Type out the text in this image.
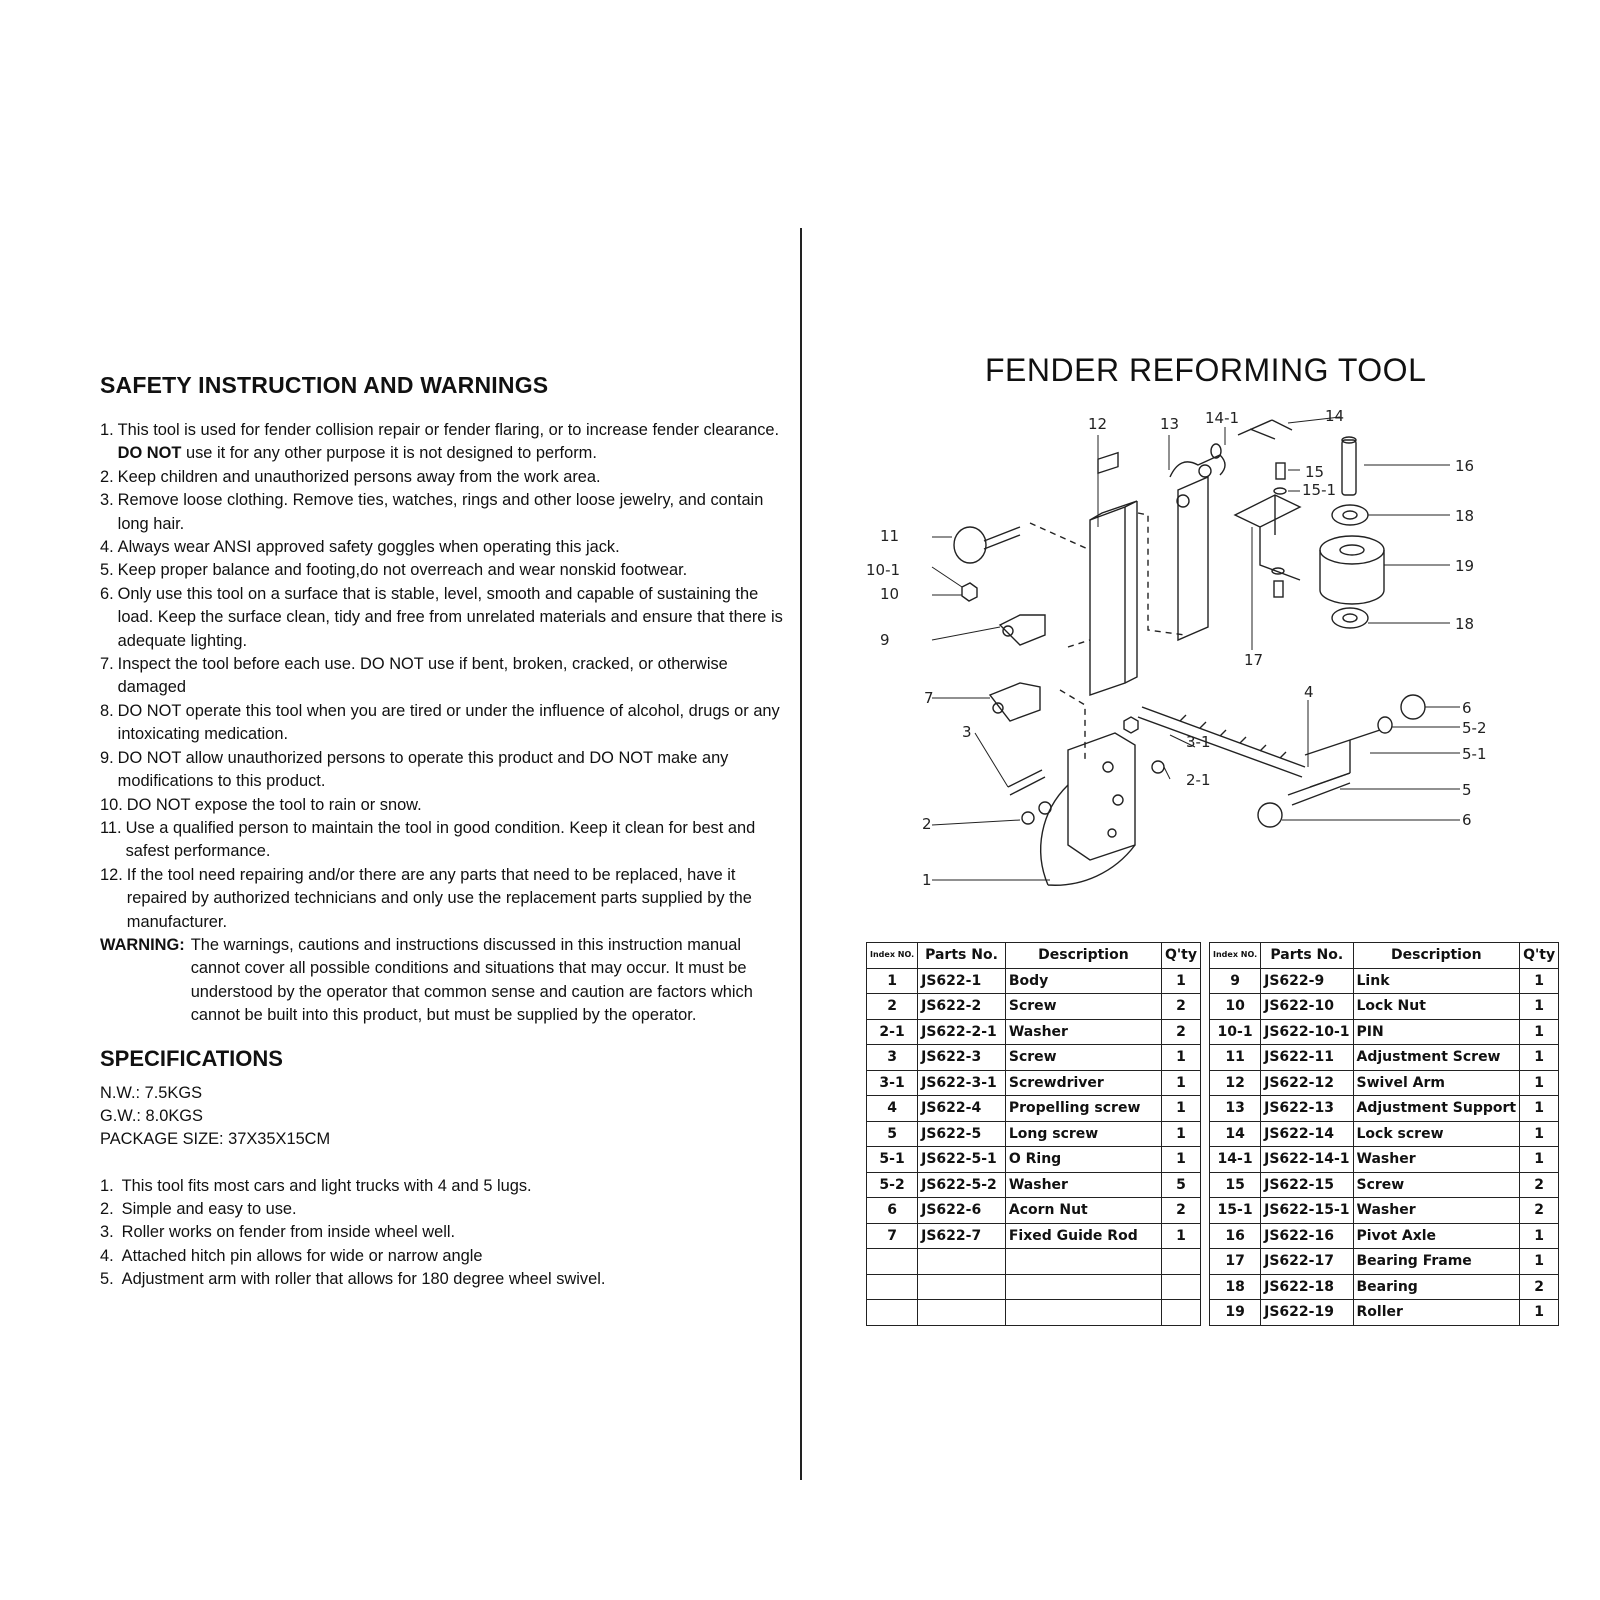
SAFETY INSTRUCTION AND WARNINGS
1. This tool is used for fender collision repair or fender flaring, or to increase fender clearance. DO NOT use it for any other purpose it is not designed to perform.
2. Keep children and unauthorized persons away from the work area.
3. Remove loose clothing. Remove ties, watches, rings and other loose jewelry, and contain long hair.
4. Always wear ANSI approved safety goggles when operating this jack.
5. Keep proper balance and footing,do not overreach and wear nonskid footwear.
6. Only use this tool on a surface that is stable, level, smooth and capable of sustaining the load. Keep the surface clean, tidy and free from unrelated materials and ensure that there is adequate lighting.
7. Inspect the tool before each use. DO NOT use if bent, broken, cracked, or otherwise damaged
8. DO NOT operate this tool when you are tired or under the influence of alcohol, drugs or any intoxicating medication.
9. DO NOT allow unauthorized persons to operate this product and DO NOT make any modifications to this product.
10. DO NOT expose the tool to rain or snow.
11. Use a qualified person to maintain the tool in good condition. Keep it clean for best and safest performance.
12. If the tool need repairing and/or there are any parts that need to be replaced, have it repaired by authorized technicians and only use the replacement parts supplied by the manufacturer.
WARNING: The warnings, cautions and instructions discussed in this instruction manual cannot cover all possible conditions and situations that may occur. It must be understood by the operator that common sense and caution are factors which cannot be built into this product, but must be supplied by the operator.
SPECIFICATIONS
N.W.: 7.5KGS
G.W.: 8.0KGS
PACKAGE SIZE: 37X35X15CM
1. This tool fits most cars and light trucks with 4 and 5 lugs.
2. Simple and easy to use.
3. Roller works on fender from inside wheel well.
4. Attached hitch pin allows for wide or narrow angle
5. Adjustment arm with roller that allows for 180 degree wheel swivel.
FENDER REFORMING TOOL
12	13 14-1	14
15
15-1
16
18
19
18
17
11
10-1
10
9
7	4
6
5-2
5-1
5
6
3
3-1
2-1
2
1
Index NO.	Parts No.	Description	Q'ty
1	JS622-1	Body	1
2	JS622-2	Screw	2
2-1	JS622-2-1	Washer	2
3	JS622-3	Screw	1
3-1	JS622-3-1	Screwdriver	1
4	JS622-4	Propelling screw	1
5	JS622-5	Long screw	1
5-1	JS622-5-1	O Ring	1
5-2	JS622-5-2	Washer	5
6	JS622-6	Acorn Nut	2
7	JS622-7	Fixed Guide Rod	1

Index NO.	Parts No.	Description	Q'ty
9	JS622-9	Link	1
10	JS622-10	Lock Nut	1
10-1	JS622-10-1	PIN	1
11	JS622-11	Adjustment Screw	1
12	JS622-12	Swivel Arm	1
13	JS622-13	Adjustment Support	1
14	JS622-14	Lock screw	1
14-1	JS622-14-1	Washer	1
15	JS622-15	Screw	2
15-1	JS622-15-1	Washer	2
16	JS622-16	Pivot Axle	1
17	JS622-17	Bearing Frame	1
18	JS622-18	Bearing	2
19	JS622-19	Roller	1
